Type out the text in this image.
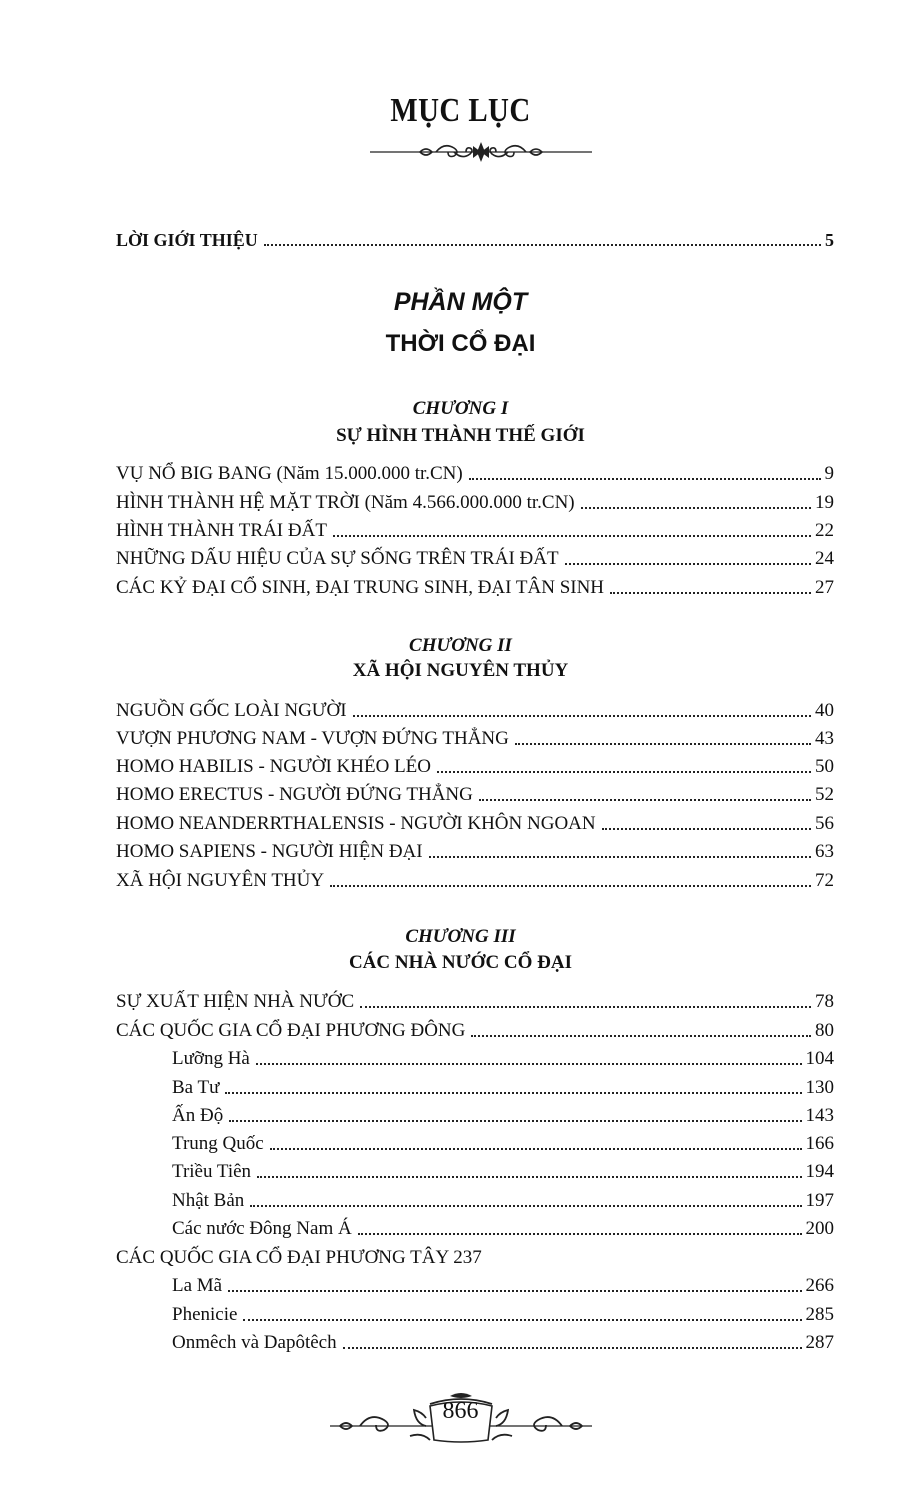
MỤC LỤC
LỜI GIỚI THIỆU	5
PHẦN MỘT
THỜI CỔ ĐẠI
CHƯƠNG I
SỰ HÌNH THÀNH THẾ GIỚI
VỤ NỔ BIG BANG (Năm 15.000.000 tr.CN)	9
HÌNH THÀNH HỆ MẶT TRỜI (Năm 4.566.000.000 tr.CN)	19
HÌNH THÀNH TRÁI ĐẤT	22
NHỮNG DẤU HIỆU CỦA SỰ SỐNG TRÊN TRÁI ĐẤT	24
CÁC KỶ ĐẠI CỔ SINH, ĐẠI TRUNG SINH, ĐẠI TÂN SINH	27
CHƯƠNG II
XÃ HỘI NGUYÊN THỦY
NGUỒN GỐC LOÀI NGƯỜI	40
VƯỢN PHƯƠNG NAM - VƯỢN ĐỨNG THẲNG	43
HOMO HABILIS - NGƯỜI KHÉO LÉO	50
HOMO ERECTUS - NGƯỜI ĐỨNG THẲNG	52
HOMO NEANDERRTHALENSIS - NGƯỜI KHÔN NGOAN	56
HOMO SAPIENS - NGƯỜI HIỆN ĐẠI	63
XÃ HỘI NGUYÊN THỦY	72
CHƯƠNG III
CÁC NHÀ NƯỚC CỔ ĐẠI
SỰ XUẤT HIỆN NHÀ NƯỚC	78
CÁC QUỐC GIA CỔ ĐẠI PHƯƠNG ĐÔNG	80
Lưỡng Hà	104
Ba Tư	130
Ấn Độ	143
Trung Quốc	166
Triều Tiên	194
Nhật Bản	197
Các nước Đông Nam Á	200
CÁC QUỐC GIA CỔ ĐẠI PHƯƠNG TÂY 237
La Mã	266
Phenicie	285
Onmêch và Dapôtêch	287
866
